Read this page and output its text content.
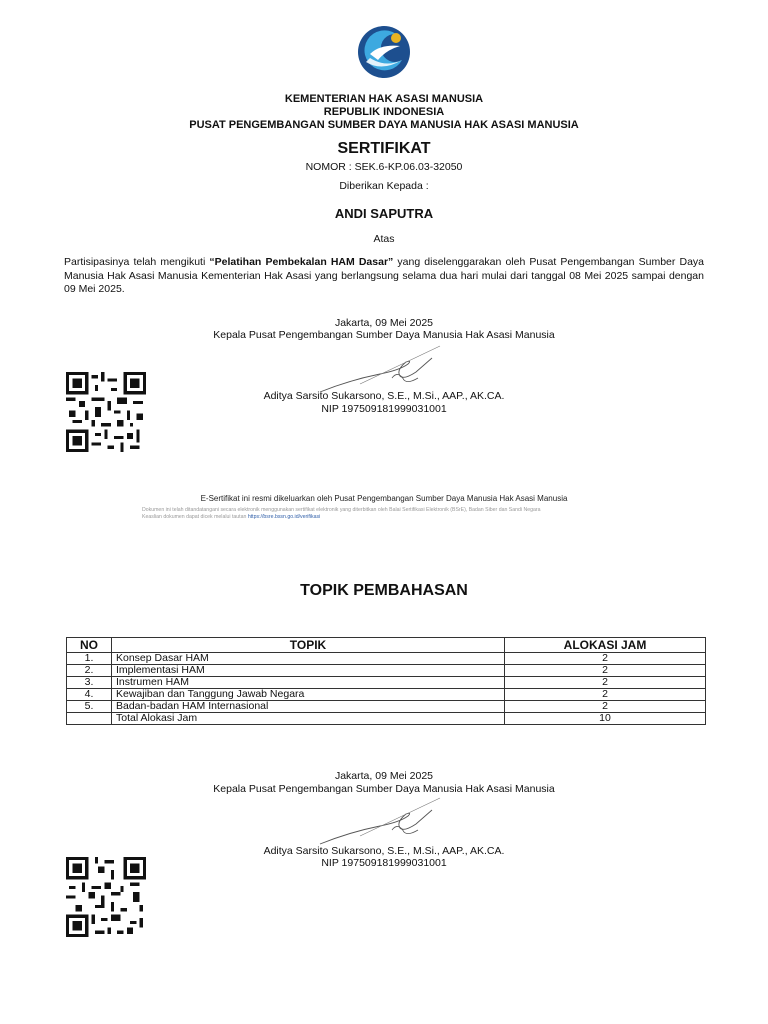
KEMENTERIAN HAK ASASI MANUSIA
REPUBLIK INDONESIA
PUSAT PENGEMBANGAN SUMBER DAYA MANUSIA HAK ASASI MANUSIA
SERTIFIKAT
NOMOR : SEK.6-KP.06.03-32050
Diberikan Kepada :
ANDI SAPUTRA
Atas
Partisipasinya telah mengikuti “Pelatihan Pembekalan HAM Dasar” yang diselenggarakan oleh Pusat Pengembangan Sumber Daya Manusia Hak Asasi Manusia Kementerian Hak Asasi yang berlangsung selama dua hari mulai dari tanggal 08 Mei 2025 sampai dengan 09 Mei 2025.
Jakarta, 09 Mei 2025
Kepala Pusat Pengembangan Sumber Daya Manusia Hak Asasi Manusia
Aditya Sarsito Sukarsono, S.E., M.Si., AAP., AK.CA.
NIP 197509181999031001
E-Sertifikat ini resmi dikeluarkan oleh Pusat Pengembangan Sumber Daya Manusia Hak Asasi Manusia
Dokumen ini telah ditandatangani secara elektronik menggunakan sertifikat elektronik yang diterbitkan oleh Balai Sertifikasi Elektronik (BSrE), Badan Siber dan Sandi Negara
Keaslian dokumen dapat dicek melalui tautan https://bsre.bssn.go.id/verifikasi
TOPIK PEMBAHASAN
NO	TOPIK	ALOKASI JAM
1.	Konsep Dasar HAM	2
2.	Implementasi HAM	2
3.	Instrumen HAM	2
4.	Kewajiban dan Tanggung Jawab Negara	2
5.	Badan-badan HAM Internasional	2
	Total Alokasi Jam	10
Jakarta, 09 Mei 2025
Kepala Pusat Pengembangan Sumber Daya Manusia Hak Asasi Manusia
Aditya Sarsito Sukarsono, S.E., M.Si., AAP., AK.CA.
NIP 197509181999031001
